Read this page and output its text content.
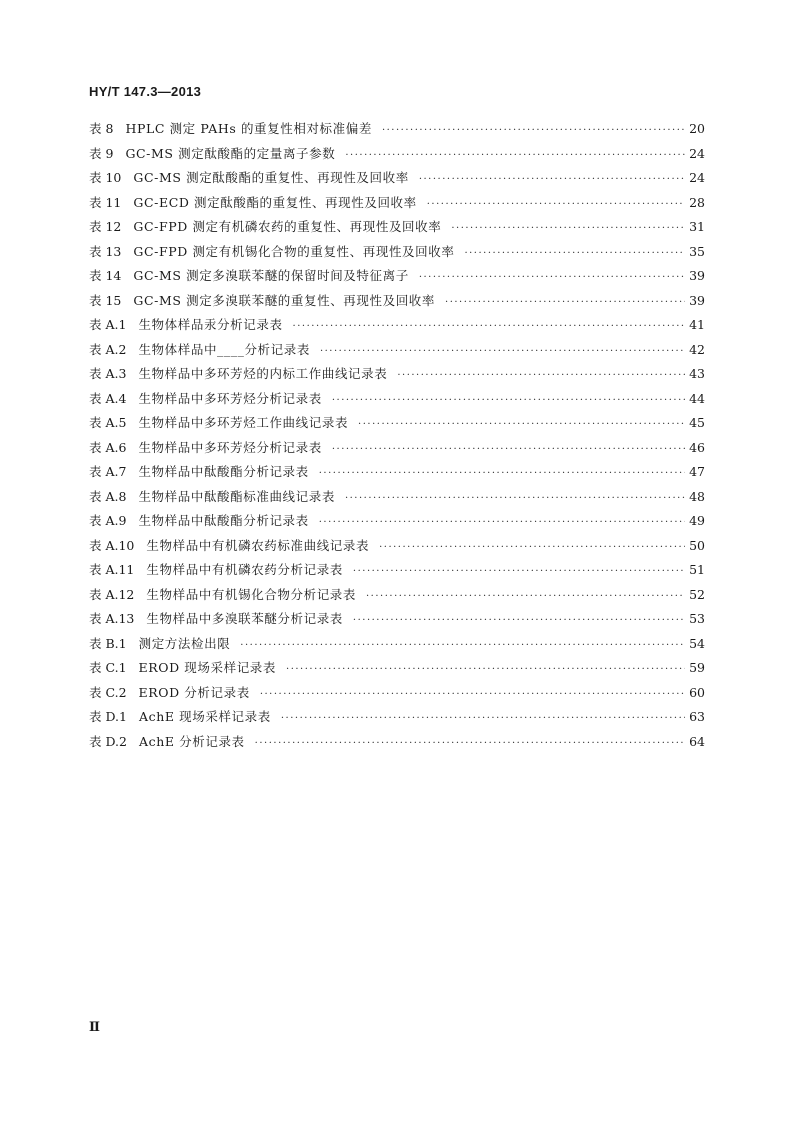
HY/T 147.3—2013
表 8 HPLC 测定 PAHs 的重复性相对标准偏差 ·····	20
表 9 GC-MS 测定酞酸酯的定量离子参数 ·····	24
表 10 GC-MS 测定酞酸酯的重复性、再现性及回收率 ·····	24
表 11 GC-ECD 测定酞酸酯的重复性、再现性及回收率 ·····	28
表 12 GC-FPD 测定有机磷农药的重复性、再现性及回收率 ·····	31
表 13 GC-FPD 测定有机锡化合物的重复性、再现性及回收率 ·····	35
表 14 GC-MS 测定多溴联苯醚的保留时间及特征离子 ·····	39
表 15 GC-MS 测定多溴联苯醚的重复性、再现性及回收率 ·····	39
表 A.1 生物体样品汞分析记录表 ·····	41
表 A.2 生物体样品中____分析记录表 ·····	42
表 A.3 生物样品中多环芳烃的内标工作曲线记录表 ·····	43
表 A.4 生物样品中多环芳烃分析记录表 ·····	44
表 A.5 生物样品中多环芳烃工作曲线记录表 ·····	45
表 A.6 生物样品中多环芳烃分析记录表 ·····	46
表 A.7 生物样品中酞酸酯分析记录表 ·····	47
表 A.8 生物样品中酞酸酯标准曲线记录表 ·····	48
表 A.9 生物样品中酞酸酯分析记录表 ·····	49
表 A.10 生物样品中有机磷农药标准曲线记录表 ·····	50
表 A.11 生物样品中有机磷农药分析记录表 ·····	51
表 A.12 生物样品中有机锡化合物分析记录表 ·····	52
表 A.13 生物样品中多溴联苯醚分析记录表 ·····	53
表 B.1 测定方法检出限 ·····	54
表 C.1 EROD 现场采样记录表 ·····	59
表 C.2 EROD 分析记录表 ·····	60
表 D.1 AchE 现场采样记录表 ·····	63
表 D.2 AchE 分析记录表 ·····	64
Ⅱ
